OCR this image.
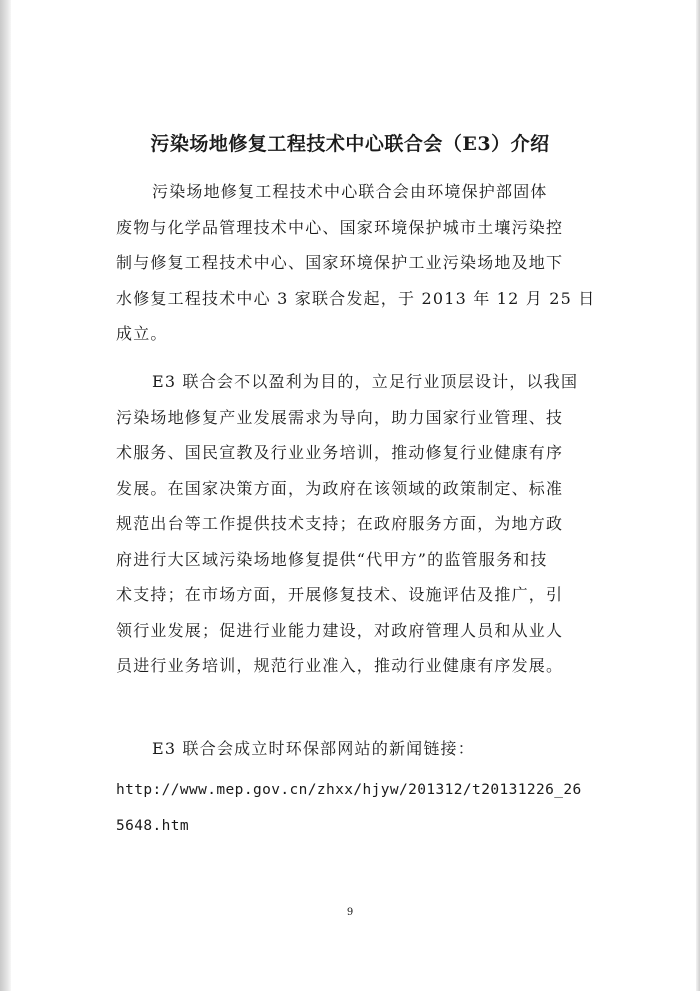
污染场地修复工程技术中心联合会（E3）介绍
污染场地修复工程技术中心联合会由环境保护部固体
废物与化学品管理技术中心、国家环境保护城市土壤污染控
制与修复工程技术中心、国家环境保护工业污染场地及地下
水修复工程技术中心 3 家联合发起，于 2013 年 12 月 25 日
成立。
E3 联合会不以盈利为目的，立足行业顶层设计，以我国
污染场地修复产业发展需求为导向，助力国家行业管理、技
术服务、国民宣教及行业业务培训，推动修复行业健康有序
发展。在国家决策方面，为政府在该领域的政策制定、标准
规范出台等工作提供技术支持；在政府服务方面，为地方政
府进行大区域污染场地修复提供“代甲方”的监管服务和技
术支持；在市场方面，开展修复技术、设施评估及推广，引
领行业发展；促进行业能力建设，对政府管理人员和从业人
员进行业务培训，规范行业准入，推动行业健康有序发展。
E3 联合会成立时环保部网站的新闻链接：
http://www.mep.gov.cn/zhxx/hjyw/201312/t20131226_26
5648.htm
9
